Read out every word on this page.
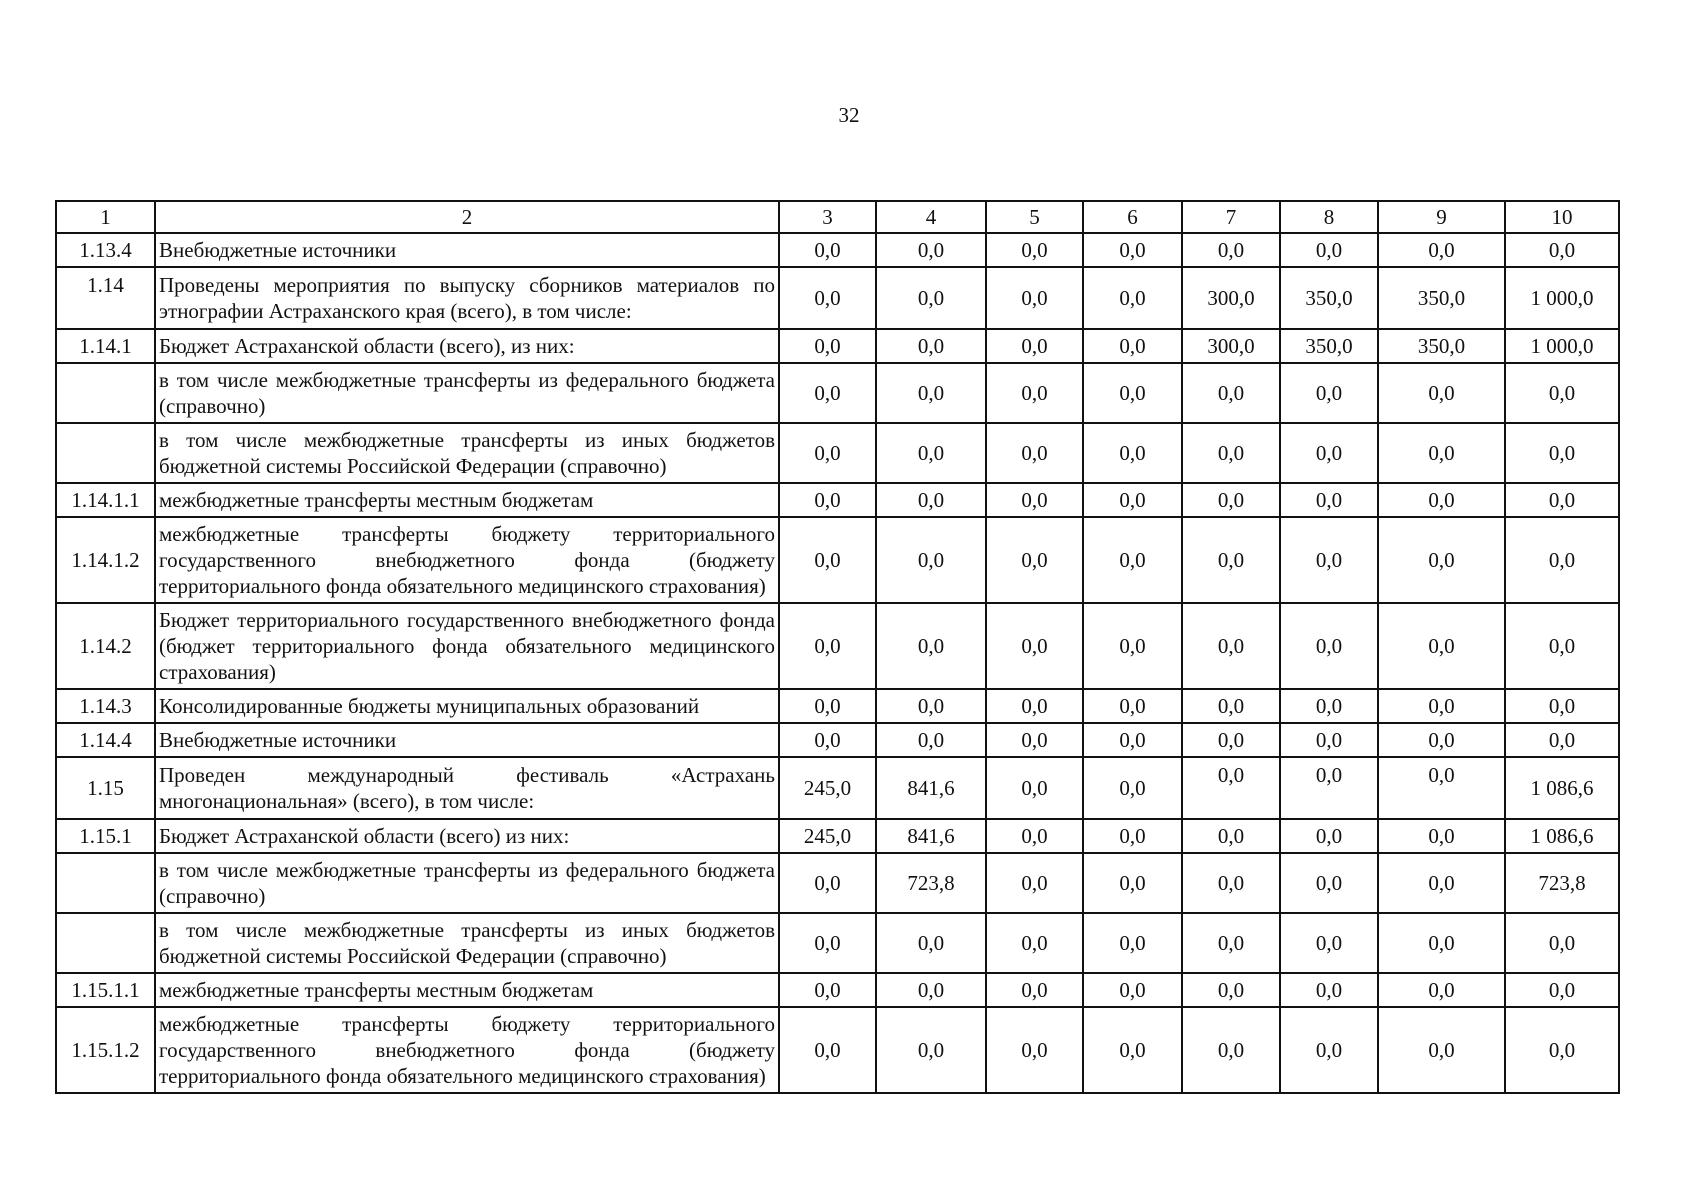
32
1	2	3	4	5	6	7	8	9	10
1.13.4	Внебюджетные источники	0,0	0,0	0,0	0,0	0,0	0,0	0,0	0,0
1.14	Проведены мероприятия по выпуску сборников материалов по этнографии Астраханского края (всего), в том числе:	0,0	0,0	0,0	0,0	300,0	350,0	350,0	1 000,0
1.14.1	Бюджет Астраханской области (всего), из них:	0,0	0,0	0,0	0,0	300,0	350,0	350,0	1 000,0
	в том числе межбюджетные трансферты из федерального бюджета (справочно)	0,0	0,0	0,0	0,0	0,0	0,0	0,0	0,0
	в том числе межбюджетные трансферты из иных бюджетов бюджетной системы Российской Федерации (справочно)	0,0	0,0	0,0	0,0	0,0	0,0	0,0	0,0
1.14.1.1	межбюджетные трансферты местным бюджетам	0,0	0,0	0,0	0,0	0,0	0,0	0,0	0,0
1.14.1.2	межбюджетные трансферты бюджету территориального государственного внебюджетного фонда (бюджету территориального фонда обязательного медицинского страхования)	0,0	0,0	0,0	0,0	0,0	0,0	0,0	0,0
1.14.2	Бюджет территориального государственного внебюджетного фонда (бюджет территориального фонда обязательного медицинского страхования)	0,0	0,0	0,0	0,0	0,0	0,0	0,0	0,0
1.14.3	Консолидированные бюджеты муниципальных образований	0,0	0,0	0,0	0,0	0,0	0,0	0,0	0,0
1.14.4	Внебюджетные источники	0,0	0,0	0,0	0,0	0,0	0,0	0,0	0,0
1.15	Проведен международный фестиваль «Астрахань многонациональная» (всего), в том числе:	245,0	841,6	0,0	0,0	0,0	0,0	0,0	1 086,6
1.15.1	Бюджет Астраханской области (всего) из них:	245,0	841,6	0,0	0,0	0,0	0,0	0,0	1 086,6
	в том числе межбюджетные трансферты из федерального бюджета (справочно)	0,0	723,8	0,0	0,0	0,0	0,0	0,0	723,8
	в том числе межбюджетные трансферты из иных бюджетов бюджетной системы Российской Федерации (справочно)	0,0	0,0	0,0	0,0	0,0	0,0	0,0	0,0
1.15.1.1	межбюджетные трансферты местным бюджетам	0,0	0,0	0,0	0,0	0,0	0,0	0,0	0,0
1.15.1.2	межбюджетные трансферты бюджету территориального государственного внебюджетного фонда (бюджету территориального фонда обязательного медицинского страхования)	0,0	0,0	0,0	0,0	0,0	0,0	0,0	0,0
